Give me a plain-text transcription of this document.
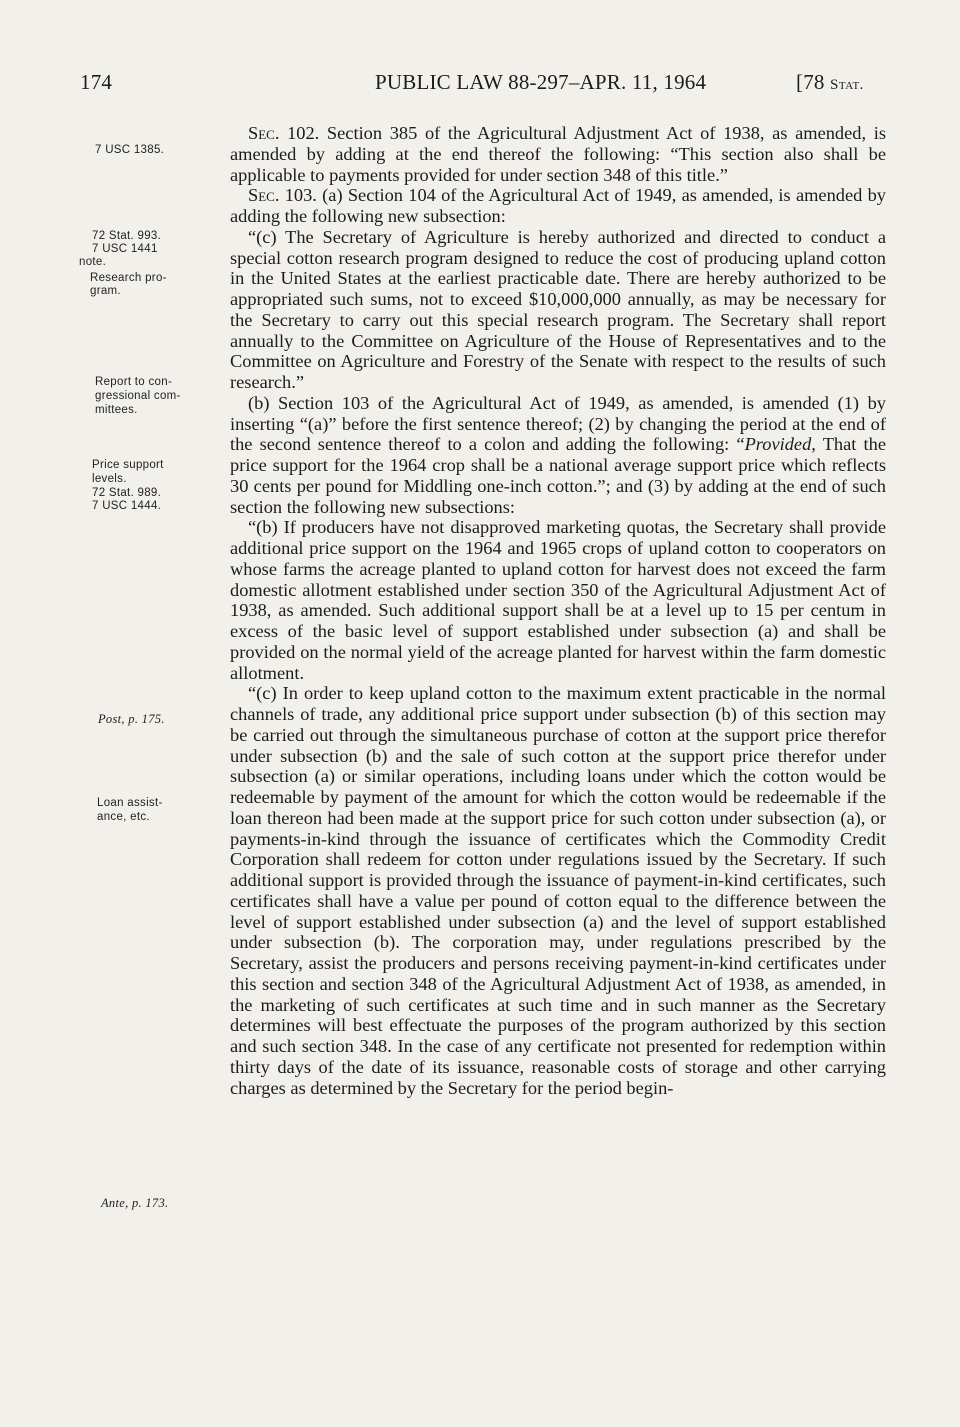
174	PUBLIC LAW 88-297–APR. 11, 1964	[78 Stat.
7 USC 1385.
72 Stat. 993.
7 USC 1441
note.
Research pro-
gram.
Report to con-
gressional com-
mittees.
Price support
levels.
72 Stat. 989.
7 USC 1444.
Post, p. 175.
Loan assist-
ance, etc.
Ante, p. 173.

Sec. 102. Section 385 of the Agricultural Adjustment Act of 1938, as amended, is amended by adding at the end thereof the following: “This section also shall be applicable to payments provided for under section 348 of this title.”

Sec. 103. (a) Section 104 of the Agricultural Act of 1949, as amended, is amended by adding the following new subsection:

“(c) The Secretary of Agriculture is hereby authorized and directed to conduct a special cotton research program designed to reduce the cost of producing upland cotton in the United States at the earliest practicable date. There are hereby authorized to be appropriated such sums, not to exceed $10,000,000 annually, as may be necessary for the Secretary to carry out this special research program. The Secretary shall report annually to the Committee on Agriculture of the House of Representatives and to the Committee on Agriculture and Forestry of the Senate with respect to the results of such research.”

(b) Section 103 of the Agricultural Act of 1949, as amended, is amended (1) by inserting “(a)” before the first sentence thereof; (2) by changing the period at the end of the second sentence thereof to a colon and adding the following: “Provided, That the price support for the 1964 crop shall be a national average support price which reflects 30 cents per pound for Middling one-inch cotton.”; and (3) by adding at the end of such section the following new subsections:

“(b) If producers have not disapproved marketing quotas, the Secretary shall provide additional price support on the 1964 and 1965 crops of upland cotton to cooperators on whose farms the acreage planted to upland cotton for harvest does not exceed the farm domestic allotment established under section 350 of the Agricultural Adjustment Act of 1938, as amended. Such additional support shall be at a level up to 15 per centum in excess of the basic level of support established under subsection (a) and shall be provided on the normal yield of the acreage planted for harvest within the farm domestic allotment.

“(c) In order to keep upland cotton to the maximum extent practicable in the normal channels of trade, any additional price support under subsection (b) of this section may be carried out through the simultaneous purchase of cotton at the support price therefor under subsection (b) and the sale of such cotton at the support price therefor under subsection (a) or similar operations, including loans under which the cotton would be redeemable by payment of the amount for which the cotton would be redeemable if the loan thereon had been made at the support price for such cotton under subsection (a), or payments-in-kind through the issuance of certificates which the Commodity Credit Corporation shall redeem for cotton under regulations issued by the Secretary. If such additional support is provided through the issuance of payment-in-kind certificates, such certificates shall have a value per pound of cotton equal to the difference between the level of support established under subsection (a) and the level of support established under subsection (b). The corporation may, under regulations prescribed by the Secretary, assist the producers and persons receiving payment-in-kind certificates under this section and section 348 of the Agricultural Adjustment Act of 1938, as amended, in the marketing of such certificates at such time and in such manner as the Secretary determines will best effectuate the purposes of the program authorized by this section and such section 348. In the case of any certificate not presented for redemption within thirty days of the date of its issuance, reasonable costs of storage and other carrying charges as determined by the Secretary for the period begin-
